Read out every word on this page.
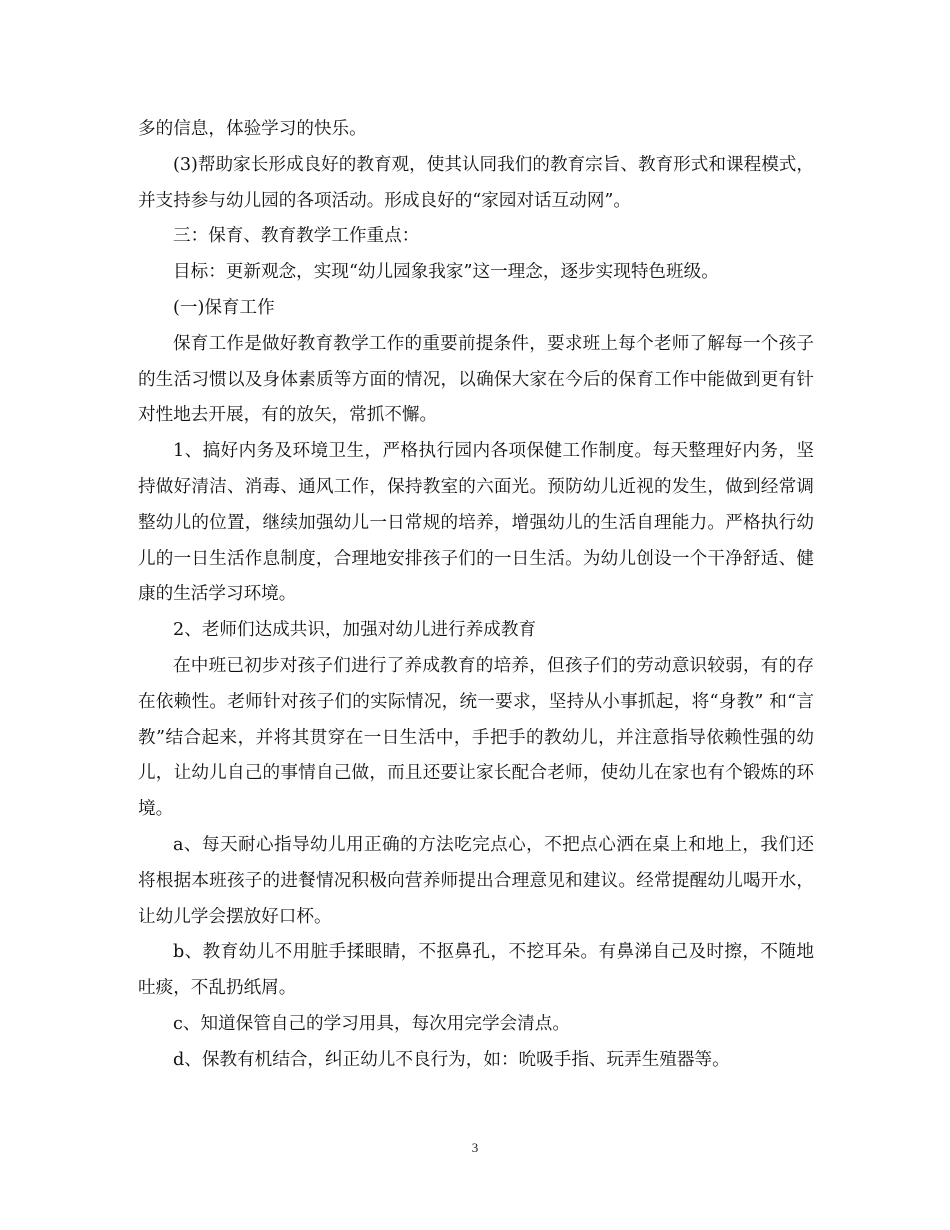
多的信息，体验学习的快乐。

(3)帮助家长形成良好的教育观，使其认同我们的教育宗旨、教育形式和课程模式，并支持参与幼儿园的各项活动。形成良好的“家园对话互动网”。

三：保育、教育教学工作重点：

目标：更新观念，实现“幼儿园象我家”这一理念，逐步实现特色班级。

(一)保育工作

保育工作是做好教育教学工作的重要前提条件，要求班上每个老师了解每一个孩子的生活习惯以及身体素质等方面的情况，以确保大家在今后的保育工作中能做到更有针对性地去开展，有的放矢，常抓不懈。

1、搞好内务及环境卫生，严格执行园内各项保健工作制度。每天整理好内务，坚持做好清洁、消毒、通风工作，保持教室的六面光。预防幼儿近视的发生，做到经常调整幼儿的位置，继续加强幼儿一日常规的培养，增强幼儿的生活自理能力。严格执行幼儿的一日生活作息制度，合理地安排孩子们的一日生活。为幼儿创设一个干净舒适、健康的生活学习环境。

2、老师们达成共识，加强对幼儿进行养成教育

在中班已初步对孩子们进行了养成教育的培养，但孩子们的劳动意识较弱，有的存在依赖性。老师针对孩子们的实际情况，统一要求，坚持从小事抓起，将“身教” 和“言教”结合起来，并将其贯穿在一日生活中，手把手的教幼儿，并注意指导依赖性强的幼儿，让幼儿自己的事情自己做，而且还要让家长配合老师，使幼儿在家也有个锻炼的环境。

a、每天耐心指导幼儿用正确的方法吃完点心，不把点心洒在桌上和地上，我们还将根据本班孩子的进餐情况积极向营养师提出合理意见和建议。经常提醒幼儿喝开水，让幼儿学会摆放好口杯。

b、教育幼儿不用脏手揉眼睛，不抠鼻孔，不挖耳朵。有鼻涕自己及时擦，不随地吐痰，不乱扔纸屑。

c、知道保管自己的学习用具，每次用完学会清点。

d、保教有机结合，纠正幼儿不良行为，如：吮吸手指、玩弄生殖器等。

3
